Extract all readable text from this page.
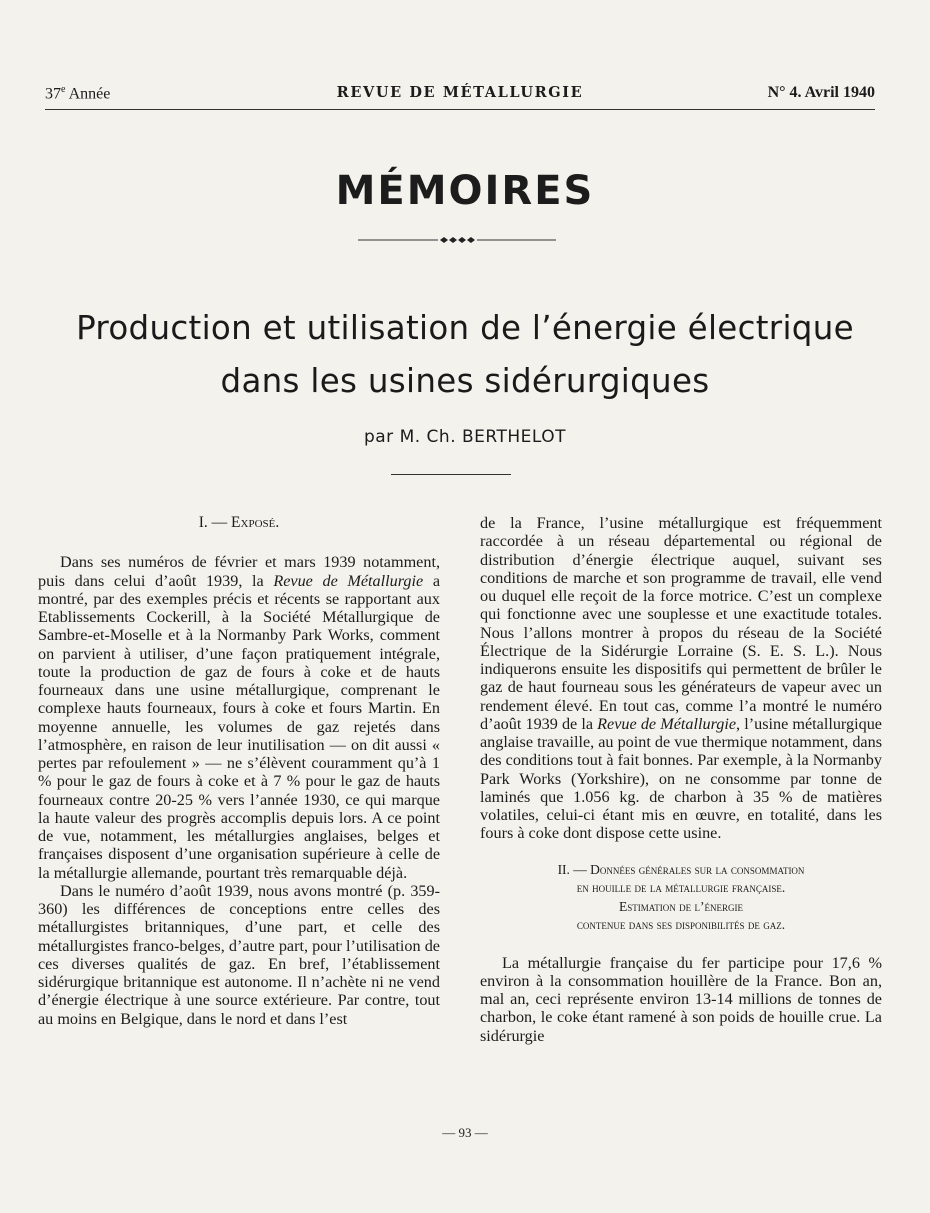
37e Année	REVUE DE MÉTALLURGIE	N° 4. Avril 1940
MÉMOIRES
Production et utilisation de l’énergie électrique
dans les usines sidérurgiques
par M. Ch. BERTHELOT
I. — Exposé.

Dans ses numéros de février et mars 1939 notamment, puis dans celui d’août 1939, la Revue de Métallurgie a montré, par des exemples précis et récents se rapportant aux Etablissements Cockerill, à la Société Métallurgique de Sambre-et-Moselle et à la Normanby Park Works, comment on parvient à utiliser, d’une façon pratiquement intégrale, toute la production de gaz de fours à coke et de hauts fourneaux dans une usine métallurgique, comprenant le complexe hauts fourneaux, fours à coke et fours Martin. En moyenne annuelle, les volumes de gaz rejetés dans l’atmosphère, en raison de leur inutilisation — on dit aussi « pertes par refoulement » — ne s’élèvent couramment qu’à 1 % pour le gaz de fours à coke et à 7 % pour le gaz de hauts fourneaux contre 20-25 % vers l’année 1930, ce qui marque la haute valeur des progrès accomplis depuis lors. A ce point de vue, notamment, les métallurgies anglaises, belges et françaises disposent d’une organisation supérieure à celle de la métallurgie allemande, pourtant très remarquable déjà.

Dans le numéro d’août 1939, nous avons montré (p. 359-360) les différences de conceptions entre celles des métallurgistes britanniques, d’une part, et celle des métallurgistes franco-belges, d’autre part, pour l’utilisation de ces diverses qualités de gaz. En bref, l’établissement sidérurgique britannique est autonome. Il n’achète ni ne vend d’énergie électrique à une source extérieure. Par contre, tout au moins en Belgique, dans le nord et dans l’est

de la France, l’usine métallurgique est fréquemment raccordée à un réseau départemental ou régional de distribution d’énergie électrique auquel, suivant ses conditions de marche et son programme de travail, elle vend ou duquel elle reçoit de la force motrice. C’est un complexe qui fonctionne avec une souplesse et une exactitude totales. Nous l’allons montrer à propos du réseau de la Société Électrique de la Sidérurgie Lorraine (S. E. S. L.). Nous indiquerons ensuite les dispositifs qui permettent de brûler le gaz de haut fourneau sous les générateurs de vapeur avec un rendement élevé. En tout cas, comme l’a montré le numéro d’août 1939 de la Revue de Métallurgie, l’usine métallurgique anglaise travaille, au point de vue thermique notamment, dans des conditions tout à fait bonnes. Par exemple, à la Normanby Park Works (Yorkshire), on ne consomme par tonne de laminés que 1.056 kg. de charbon à 35 % de matières volatiles, celui-ci étant mis en œuvre, en totalité, dans les fours à coke dont dispose cette usine.

II. — Données générales sur la consommation
en houille de la métallurgie française.
Estimation de l’énergie
contenue dans ses disponibilités de gaz.

La métallurgie française du fer participe pour 17,6 % environ à la consommation houillère de la France. Bon an, mal an, ceci représente environ 13-14 millions de tonnes de charbon, le coke étant ramené à son poids de houille crue. La sidérurgie

— 93 —
